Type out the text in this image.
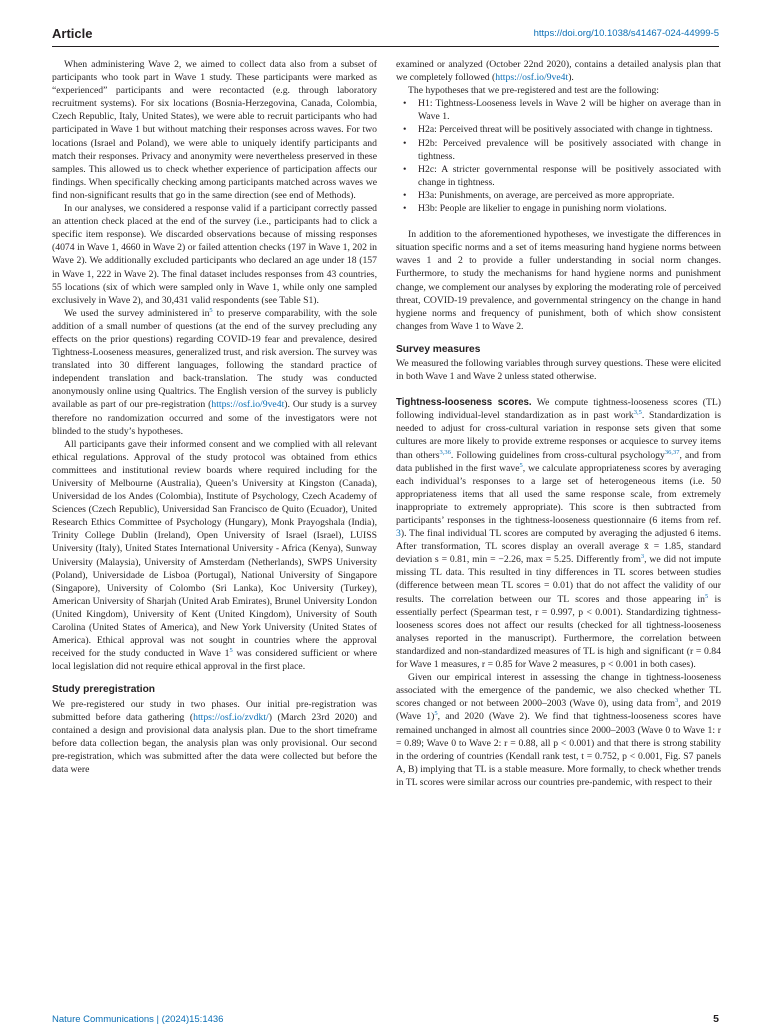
Article	https://doi.org/10.1038/s41467-024-44999-5

When administering Wave 2, we aimed to collect data also from a subset of participants who took part in Wave 1 study. These participants were marked as “experienced” participants and were recontacted (e.g. through laboratory recruitment systems). For six locations (Bosnia-Herzegovina, Canada, Colombia, Czech Republic, Italy, United States), we were able to recruit participants who had participated in Wave 1 but without matching their responses across waves. For two locations (Israel and Poland), we were able to uniquely identify participants and match their responses. Privacy and anonymity were nevertheless preserved in these samples. This allowed us to check whether experience of participation affects our findings. When specifically checking among participants matched across waves we find non-significant results that go in the same direction (see end of Methods).

In our analyses, we considered a response valid if a participant correctly passed an attention check placed at the end of the survey (i.e., participants had to click a specific item response). We discarded observations because of missing responses (4074 in Wave 1, 4660 in Wave 2) or failed attention checks (197 in Wave 1, 202 in Wave 2). We additionally excluded participants who declared an age under 18 (157 in Wave 1, 222 in Wave 2). The final dataset includes responses from 43 countries, 55 locations (six of which were sampled only in Wave 1, while only one sampled exclusively in Wave 2), and 30,431 valid respondents (see Table S1).

We used the survey administered $in^5$ to preserve comparability, with the sole addition of a small number of questions (at the end of the survey precluding any effects on the prior questions) regarding COVID-19 fear and prevalence, desired Tightness-Looseness measures, generalized trust, and risk aversion. The survey was translated into 30 different languages, following the standard practice of independent translation and back-translation. The study was conducted anonymously online using Qualtrics. The English version of the survey is publicly available as part of our pre-registration (https://osf.io/9ve4t). Our study is a survey therefore no randomization occurred and some of the investigators were not blinded to the study’s hypotheses.

All participants gave their informed consent and we complied with all relevant ethical regulations. Approval of the study protocol was obtained from ethics committees and institutional review boards where required including for the University of Melbourne (Australia), Queen’s University at Kingston (Canada), Universidad de los Andes (Colombia), Institute of Psychology, Czech Academy of Sciences (Czech Republic), Universidad San Francisco de Quito (Ecuador), United Research Ethics Committee of Psychology (Hungary), Monk Prayogshala (India), Trinity College Dublin (Ireland), Open University of Israel (Israel), LUISS University (Italy), United States International University - Africa (Kenya), Sunway University (Malaysia), University of Amsterdam (Netherlands), SWPS University (Poland), Universidade de Lisboa (Portugal), National University of Singapore (Singapore), University of Colombo (Sri Lanka), Koc University (Turkey), American University of Sharjah (United Arab Emirates), Brunel University London (United Kingdom), University of Kent (United Kingdom), University of South Carolina (United States of America), and New York University (United States of America). Ethical approval was not sought in countries where the approval received for the study conducted in Wave $1^5$ was considered sufficient or where local legislation did not require ethical approval in the first place.

Study preregistration

We pre-registered our study in two phases. Our initial pre-registration was submitted before data gathering (https://osf.io/zvdkt/) (March 23rd 2020) and contained a design and provisional data analysis plan. Due to the short timeframe before data collection began, the analysis plan was only provisional. Our second pre-registration, which was submitted after the data were collected but before the data were

examined or analyzed (October 22nd 2020), contains a detailed analysis plan that we completely followed (https://osf.io/9ve4t).

The hypotheses that we pre-registered and test are the following:

• H1: Tightness-Looseness levels in Wave 2 will be higher on average than in Wave 1.
• H2a: Perceived threat will be positively associated with change in tightness.
• H2b: Perceived prevalence will be positively associated with change in tightness.
• H2c: A stricter governmental response will be positively associated with change in tightness.
• H3a: Punishments, on average, are perceived as more appropriate.
• H3b: People are likelier to engage in punishing norm violations.

In addition to the aforementioned hypotheses, we investigate the differences in situation specific norms and a set of items measuring hand hygiene norms between waves 1 and 2 to provide a fuller understanding in social norm changes. Furthermore, to study the mechanisms for hand hygiene norms and punishment change, we complement our analyses by exploring the moderating role of perceived threat, COVID-19 prevalence, and governmental stringency on the change in hand hygiene norms and frequency of punishment, both of which show consistent changes from Wave 1 to Wave 2.

Survey measures

We measured the following variables through survey questions. These were elicited in both Wave 1 and Wave 2 unless stated otherwise.

Tightness-looseness scores. We compute tightness-looseness scores (TL) following individual-level standardization as in past work$^{3,5}$. Standardization is needed to adjust for cross-cultural variation in response sets given that some cultures are more likely to provide extreme responses or acquiesce to survey items than others$^{3,36}$. Following guidelines from cross-cultural psychology$^{36,37}$, and from data published in the first wave$^5$, we calculate appropriateness scores by averaging each individual’s responses to a large set of heterogeneous items (i.e. 50 appropriateness items that all used the same response scale, from extremely inappropriate to extremely appropriate). This score is then subtracted from participants’ responses in the tightness-looseness questionnaire (6 items from ref. 3). The final individual TL scores are computed by averaging the adjusted 6 items. After transformation, TL scores display an overall average x̄ = 1.85, standard deviation s = 0.81, min = −2.26, max = 5.25. Differently from$^3$, we did not impute missing TL data. This resulted in tiny differences in TL scores between studies (difference between mean TL scores = 0.01) that do not affect the validity of our results. The correlation between our TL scores and those appearing $in^5$ is essentially perfect (Spearman test, r = 0.997, p < 0.001). Standardizing tightness-looseness scores does not affect our results (checked for all tightness-looseness analyses reported in the manuscript). Furthermore, the correlation between standardized and non-standardized measures of TL is high and significant (r = 0.84 for Wave 1 measures, r = 0.85 for Wave 2 measures, p < 0.001 in both cases).

Given our empirical interest in assessing the change in tightness-looseness associated with the emergence of the pandemic, we also checked whether TL scores changed or not between 2000–2003 (Wave 0), using data from$^3$, and 2019 (Wave 1)$^5$, and 2020 (Wave 2). We find that tightness-looseness scores have remained unchanged in almost all countries since 2000–2003 (Wave 0 to Wave 1: r = 0.89; Wave 0 to Wave 2: r = 0.88, all p < 0.001) and that there is strong stability in the ordering of countries (Kendall rank test, t = 0.752, p < 0.001, Fig. S7 panels A, B) implying that TL is a stable measure. More formally, to check whether trends in TL scores were similar across our countries pre-pandemic, with respect to their

Nature Communications | (2024)15:1436	5
